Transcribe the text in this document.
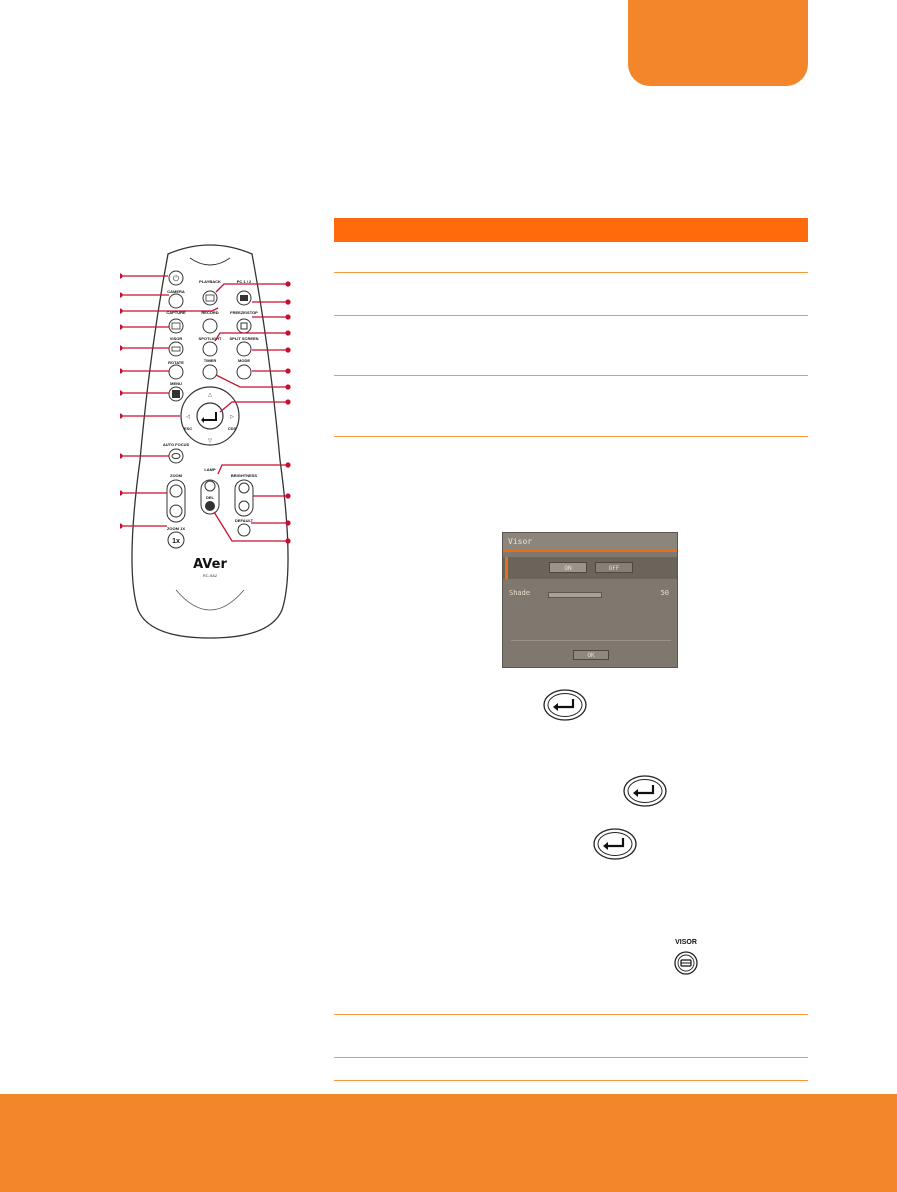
⏻
CAMERA
PLAYBACK	PC 1 / 2
CAPTURE	RECORD	FREEZE/STOP
VISOR	SPOTLIGHT SPLIT SCREEN
ROTATE	TIMER	MODE
MENU
△
▽
◁	▷
ESC	CDS
AUTO FOCUS
ZOOM
ZOOM 1X
1x
LAMP
DEL
BRIGHTNESS
DEFAULT
AVer
RC-9A2
Visor
ON	OFF
Shade	50
OK
VISOR
